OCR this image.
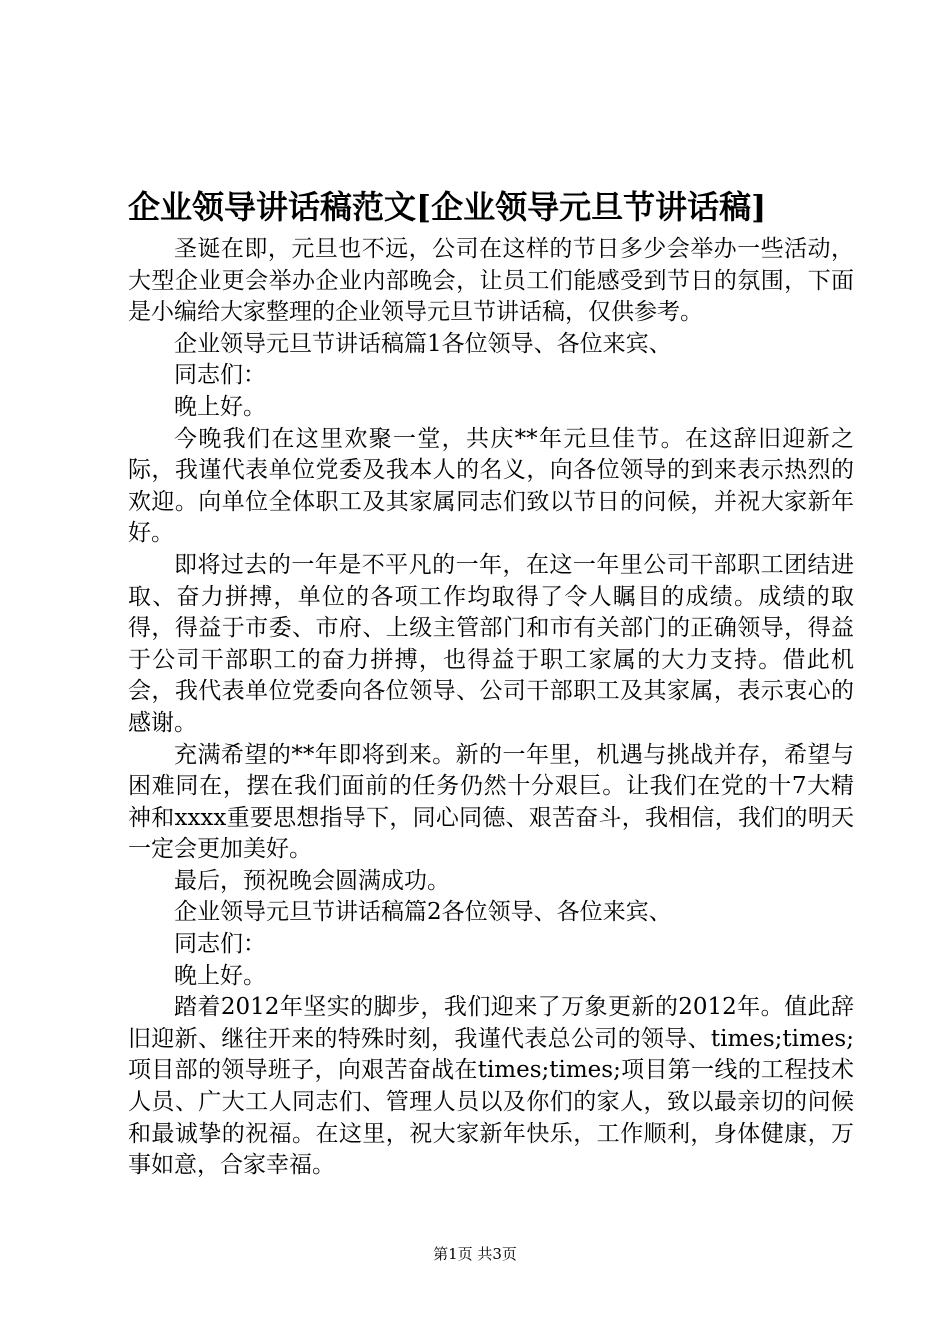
企业领导讲话稿范文[企业领导元旦节讲话稿]

圣诞在即，元旦也不远，公司在这样的节日多少会举办一些活动，大型企业更会举办企业内部晚会，让员工们能感受到节日的氛围，下面是小编给大家整理的企业领导元旦节讲话稿，仅供参考。

企业领导元旦节讲话稿篇1各位领导、各位来宾、

同志们：

晚上好。

今晚我们在这里欢聚一堂，共庆**年元旦佳节。在这辞旧迎新之际，我谨代表单位党委及我本人的名义，向各位领导的到来表示热烈的欢迎。向单位全体职工及其家属同志们致以节日的问候，并祝大家新年好。

即将过去的一年是不平凡的一年，在这一年里公司干部职工团结进取、奋力拼搏，单位的各项工作均取得了令人瞩目的成绩。成绩的取得，得益于市委、市府、上级主管部门和市有关部门的正确领导，得益于公司干部职工的奋力拼搏，也得益于职工家属的大力支持。借此机会，我代表单位党委向各位领导、公司干部职工及其家属，表示衷心的感谢。

充满希望的**年即将到来。新的一年里，机遇与挑战并存，希望与困难同在，摆在我们面前的任务仍然十分艰巨。让我们在党的十7大精神和xxxx重要思想指导下，同心同德、艰苦奋斗，我相信，我们的明天一定会更加美好。

最后，预祝晚会圆满成功。

企业领导元旦节讲话稿篇2各位领导、各位来宾、

同志们：

晚上好。

踏着2012年坚实的脚步，我们迎来了万象更新的2012年。值此辞旧迎新、继往开来的特殊时刻，我谨代表总公司的领导、times;times;项目部的领导班子，向艰苦奋战在times;times;项目第一线的工程技术人员、广大工人同志们、管理人员以及你们的家人，致以最亲切的问候和最诚挚的祝福。在这里，祝大家新年快乐，工作顺利，身体健康，万事如意，合家幸福。

第1页 共3页
